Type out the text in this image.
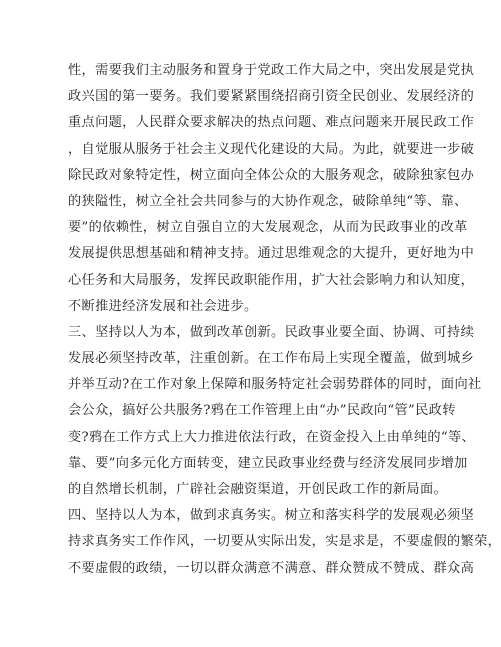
性，需要我们主动服务和置身于党政工作大局之中，突出发展是党执
政兴国的第一要务。我们要紧紧围绕招商引资全民创业、发展经济的
重点问题，人民群众要求解决的热点问题、难点问题来开展民政工作
，自觉服从服务于社会主义现代化建设的大局。为此，就要进一步破
除民政对象特定性，树立面向全体公众的大服务观念，破除独家包办
的狭隘性，树立全社会共同参与的大协作观念，破除单纯“等、靠、
要”的依赖性，树立自强自立的大发展观念，从而为民政事业的改革
发展提供思想基础和精神支持。通过思维观念的大提升，更好地为中
心任务和大局服务，发挥民政职能作用，扩大社会影响力和认知度，
不断推进经济发展和社会进步。
三、坚持以人为本，做到改革创新。民政事业要全面、协调、可持续
发展必须坚持改革，注重创新。在工作布局上实现全覆盖，做到城乡
并举互动?在工作对象上保障和服务特定社会弱势群体的同时，面向社
会公众，搞好公共服务?鸦在工作管理上由“办”民政向“管”民政转
变?鸦在工作方式上大力推进依法行政，在资金投入上由单纯的“等、
靠、要”向多元化方面转变，建立民政事业经费与经济发展同步增加
的自然增长机制，广辟社会融资渠道，开创民政工作的新局面。
四、坚持以人为本，做到求真务实。树立和落实科学的发展观必须坚
持求真务实工作作风，一切要从实际出发，实是求是，不要虚假的繁荣，
不要虚假的政绩，一切以群众满意不满意、群众赞成不赞成、群众高
